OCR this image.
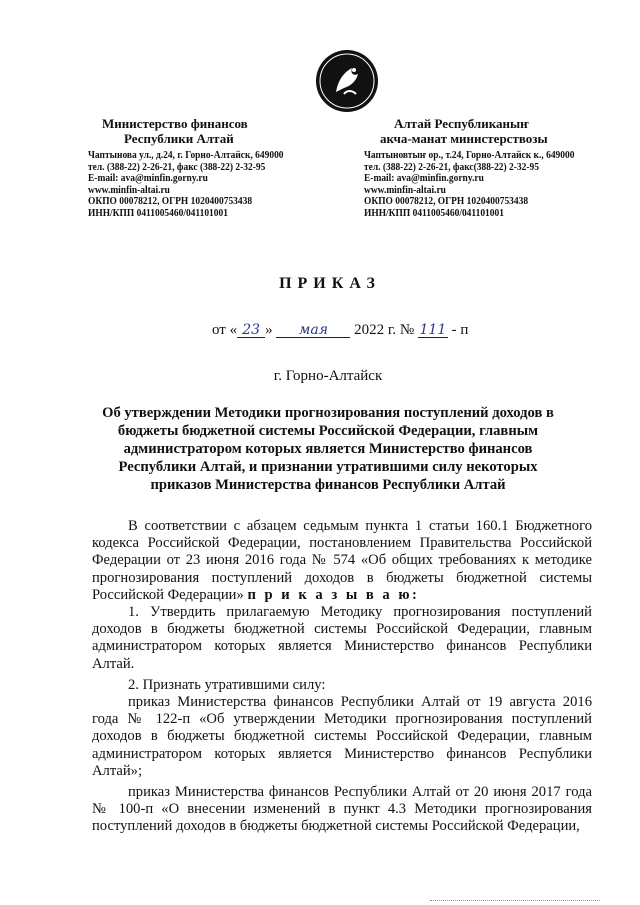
Министерство финансов
Республики Алтай
Чаптынова ул., д.24, г. Горно-Алтайск, 649000
тел. (388-22) 2-26-21, факс (388-22) 2-32-95
E-mail: ava@minfin.gorny.ru
www.minfin-altai.ru
ОКПО 00078212, ОГРН 1020400753438
ИНН/КПП 0411005460/041101001
Алтай Республиканыҥ
акча-манат министерствозы
Чаптыновтыҥ ор., т.24, Горно-Алтайск к., 649000
тел. (388-22) 2-26-21, факс(388-22) 2-32-95
E-mail: ava@minfin.gorny.ru
www.minfin-altai.ru
ОКПО 00078212, ОГРН 1020400753438
ИНН/КПП 0411005460/041101001
ПРИКАЗ
от « 23 » мая 2022 г. № 111 - п
г. Горно-Алтайск
Об утверждении Методики прогнозирования поступлений доходов в бюджеты бюджетной системы Российской Федерации, главным администратором которых является Министерство финансов Республики Алтай, и признании утратившими силу некоторых приказов Министерства финансов Республики Алтай

В соответствии с абзацем седьмым пункта 1 статьи 160.1 Бюджетного кодекса Российской Федерации, постановлением Правительства Российской Федерации от 23 июня 2016 года № 574 «Об общих требованиях к методике прогнозирования поступлений доходов в бюджеты бюджетной системы Российской Федерации» п р и к а з ы в а ю:

1. Утвердить прилагаемую Методику прогнозирования поступлений доходов в бюджеты бюджетной системы Российской Федерации, главным администратором которых является Министерство финансов Республики Алтай.

2. Признать утратившими силу:

приказ Министерства финансов Республики Алтай от 19 августа 2016 года № 122-п «Об утверждении Методики прогнозирования поступлений доходов в бюджеты бюджетной системы Российской Федерации, главным администратором которых является Министерство финансов Республики Алтай»;

приказ Министерства финансов Республики Алтай от 20 июня 2017 года № 100-п «О внесении изменений в пункт 4.3 Методики прогнозирования поступлений доходов в бюджеты бюджетной системы Российской Федерации,
